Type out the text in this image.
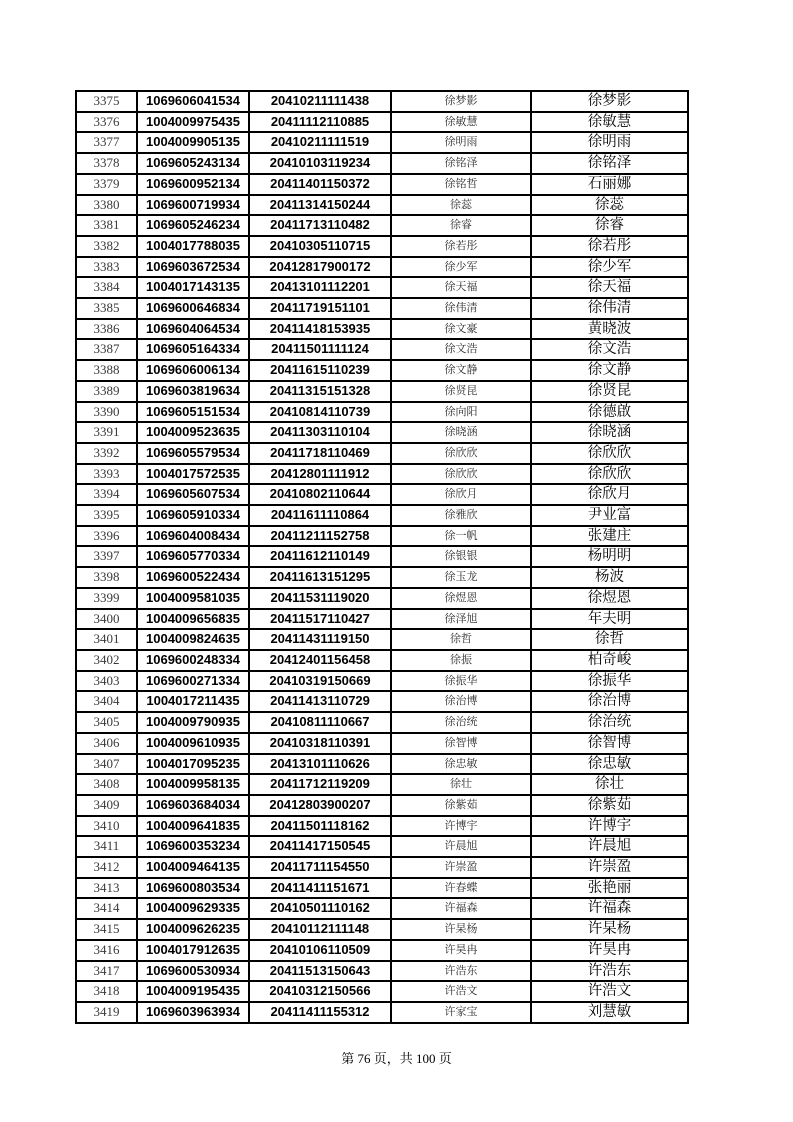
3375	1069606041534	20410211111438	徐梦影	徐梦影
3376	1004009975435	20411112110885	徐敏慧	徐敏慧
3377	1004009905135	20410211111519	徐明雨	徐明雨
3378	1069605243134	20410103119234	徐铭泽	徐铭泽
3379	1069600952134	20411401150372	徐铭哲	石丽娜
3380	1069600719934	20411314150244	徐蕊	徐蕊
3381	1069605246234	20411713110482	徐睿	徐睿
3382	1004017788035	20410305110715	徐若彤	徐若彤
3383	1069603672534	20412817900172	徐少军	徐少军
3384	1004017143135	20413101112201	徐天福	徐天福
3385	1069600646834	20411719151101	徐伟清	徐伟清
3386	1069604064534	20411418153935	徐文豪	黄晓波
3387	1069605164334	20411501111124	徐文浩	徐文浩
3388	1069606006134	20411615110239	徐文静	徐文静
3389	1069603819634	20411315151328	徐贤昆	徐贤昆
3390	1069605151534	20410814110739	徐向阳	徐德啟
3391	1004009523635	20411303110104	徐晓涵	徐晓涵
3392	1069605579534	20411718110469	徐欣欣	徐欣欣
3393	1004017572535	20412801111912	徐欣欣	徐欣欣
3394	1069605607534	20410802110644	徐欣月	徐欣月
3395	1069605910334	20411611110864	徐雅欣	尹业富
3396	1069604008434	20411211152758	徐一帆	张建庄
3397	1069605770334	20411612110149	徐银银	杨明明
3398	1069600522434	20411613151295	徐玉龙	杨波
3399	1004009581035	20411531119020	徐煜恩	徐煜恩
3400	1004009656835	20411517110427	徐泽旭	年夫明
3401	1004009824635	20411431119150	徐哲	徐哲
3402	1069600248334	20412401156458	徐振	柏奇峻
3403	1069600271334	20410319150669	徐振华	徐振华
3404	1004017211435	20411413110729	徐治博	徐治博
3405	1004009790935	20410811110667	徐治统	徐治统
3406	1004009610935	20410318110391	徐智博	徐智博
3407	1004017095235	20413101110626	徐忠敏	徐忠敏
3408	1004009958135	20411712119209	徐壮	徐壮
3409	1069603684034	20412803900207	徐紫茹	徐紫茹
3410	1004009641835	20411501118162	许博宇	许博宇
3411	1069600353234	20411417150545	许晨旭	许晨旭
3412	1004009464135	20411711154550	许崇盈	许崇盈
3413	1069600803534	20411411151671	许春蝶	张艳丽
3414	1004009629335	20410501110162	许福森	许福森
3415	1004009626235	20410112111148	许杲杨	许杲杨
3416	1004017912635	20410106110509	许昊冉	许昊冉
3417	1069600530934	20411513150643	许浩东	许浩东
3418	1004009195435	20410312150566	许浩文	许浩文
3419	1069603963934	20411411155312	许家宝	刘慧敏
第 76 页，共 100 页
